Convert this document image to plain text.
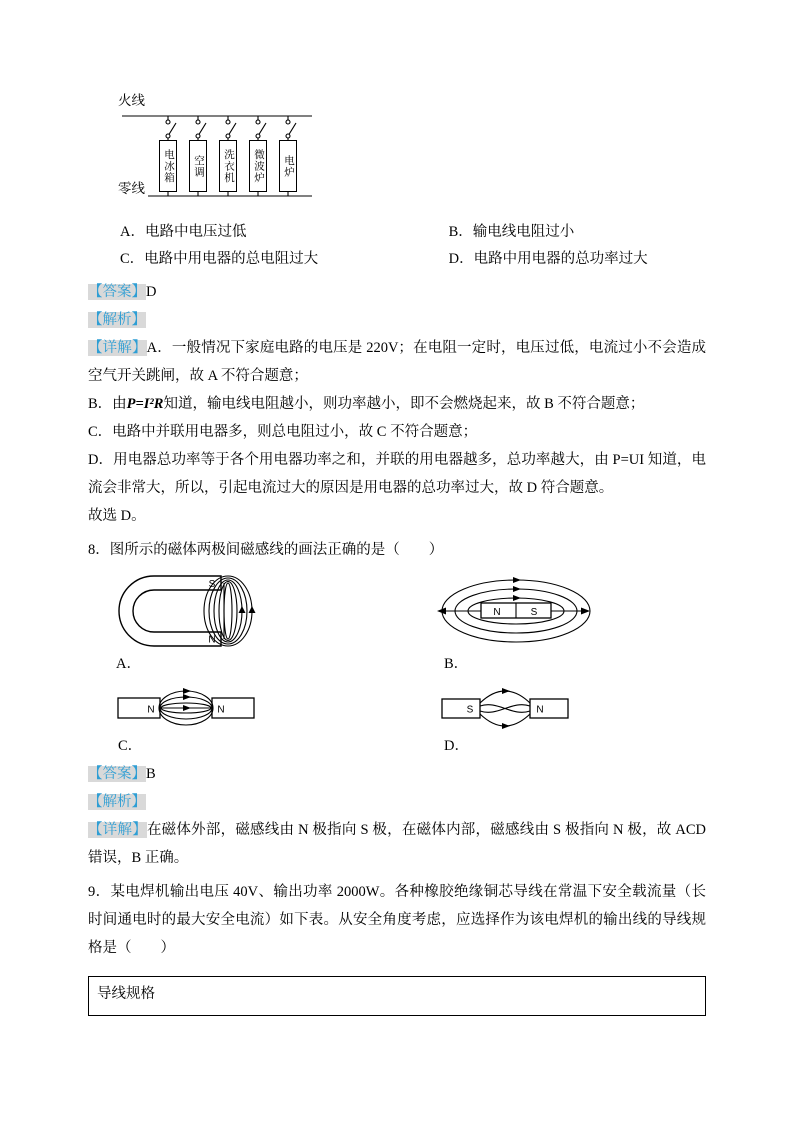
火线
零线
电冰箱	空调	洗衣机	微波炉	电炉
A．电路中电压过低	B．输电线电阻过小
C．电路中用电器的总电阻过大	D．电路中用电器的总功率过大
【答案】D
【解析】
【详解】A．一般情况下家庭电路的电压是 220V；在电阻一定时，电压过低，电流过小不会造成空气开关跳闸，故 A 不符合题意；
B．由P=I²R知道，输电线电阻越小，则功率越小，即不会燃烧起来，故 B 不符合题意；
C．电路中并联用电器多，则总电阻过小，故 C 不符合题意；
D．用电器总功率等于各个用电器功率之和，并联的用电器越多，总功率越大，由 P=UI 知道，电流会非常大，所以，引起电流过大的原因是用电器的总功率过大，故 D 符合题意。
故选 D。
8．图所示的磁体两极间磁感线的画法正确的是（　　）
S
N
A．
N	S
B．
N	N
C．
S	N
D．
【答案】B
【解析】
【详解】在磁体外部，磁感线由 N 极指向 S 极，在磁体内部，磁感线由 S 极指向 N 极，故 ACD 错误，B 正确。
9．某电焊机输出电压 40V、输出功率 2000W。各种橡胶绝缘铜芯导线在常温下安全载流量（长时间通电时的最大安全电流）如下表。从安全角度考虑，应选择作为该电焊机的输出线的导线规格是（　　）
导线规格
